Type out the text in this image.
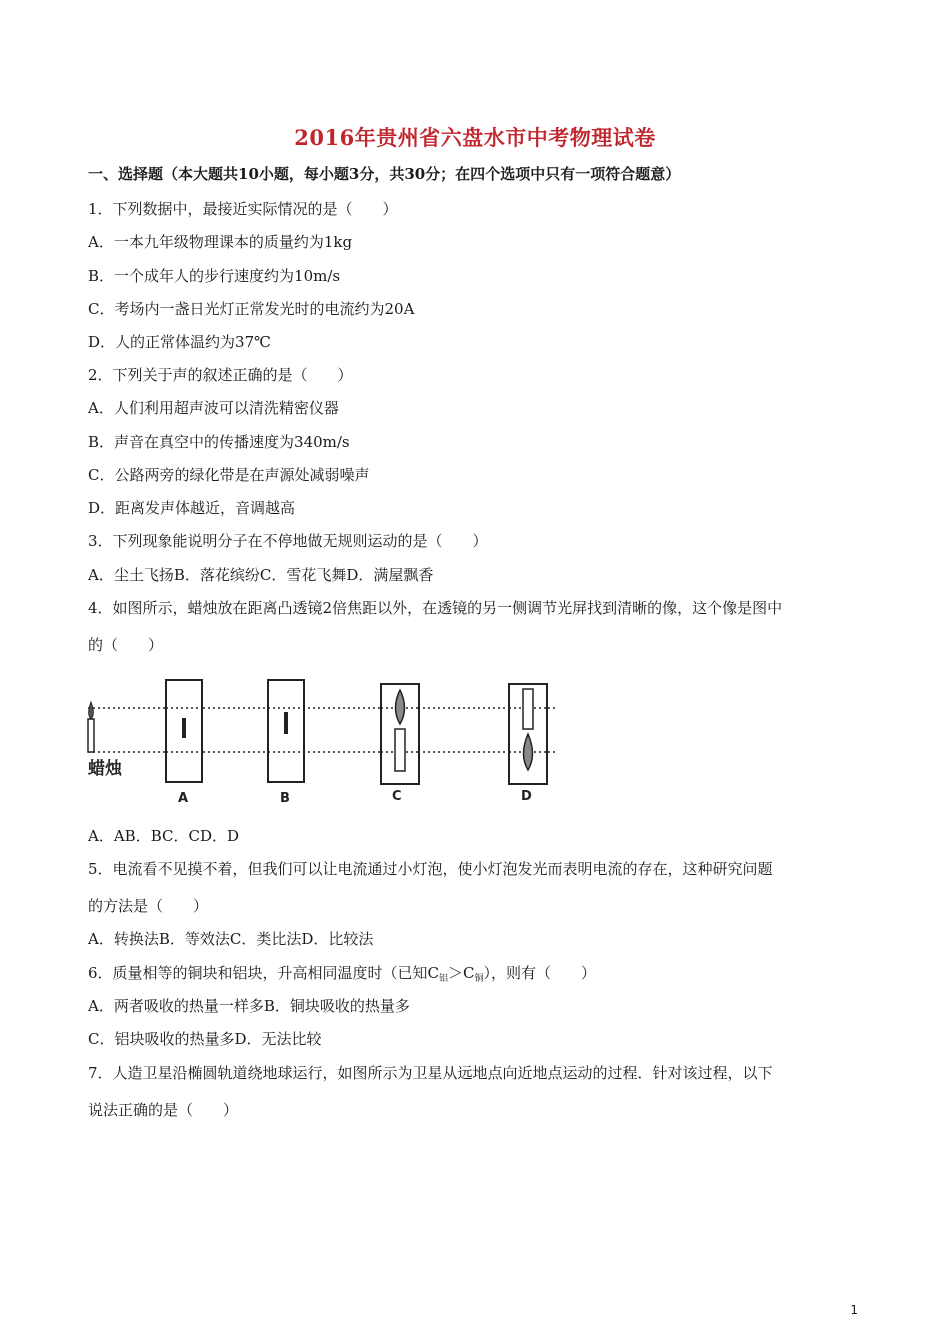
2016年贵州省六盘水市中考物理试卷
一、选择题（本大题共10小题，每小题3分，共30分；在四个选项中只有一项符合题意）
1．下列数据中，最接近实际情况的是（　　）
A．一本九年级物理课本的质量约为1kg
B．一个成年人的步行速度约为10m/s
C．考场内一盏日光灯正常发光时的电流约为20A
D．人的正常体温约为37℃
2．下列关于声的叙述正确的是（　　）
A．人们利用超声波可以清洗精密仪器
B．声音在真空中的传播速度为340m/s
C．公路两旁的绿化带是在声源处减弱噪声
D．距离发声体越近，音调越高
3．下列现象能说明分子在不停地做无规则运动的是（　　）
A．尘土飞扬B．落花缤纷C．雪花飞舞D．满屋飘香
4．如图所示，蜡烛放在距离凸透镜2倍焦距以外，在透镜的另一侧调节光屏找到清晰的像，这个像是图中
的（　　）
蜡烛
A	B	C	D
A．AB．BC．CD．D
5．电流看不见摸不着，但我们可以让电流通过小灯泡，使小灯泡发光而表明电流的存在，这种研究问题
的方法是（　　）
A．转换法B．等效法C．类比法D．比较法
6．质量相等的铜块和铝块，升高相同温度时（已知$C_铝>C_铜$），则有（　　）
A．两者吸收的热量一样多B．铜块吸收的热量多
C．铝块吸收的热量多D．无法比较
7．人造卫星沿椭圆轨道绕地球运行，如图所示为卫星从远地点向近地点运动的过程．针对该过程，以下
说法正确的是（　　）
1
